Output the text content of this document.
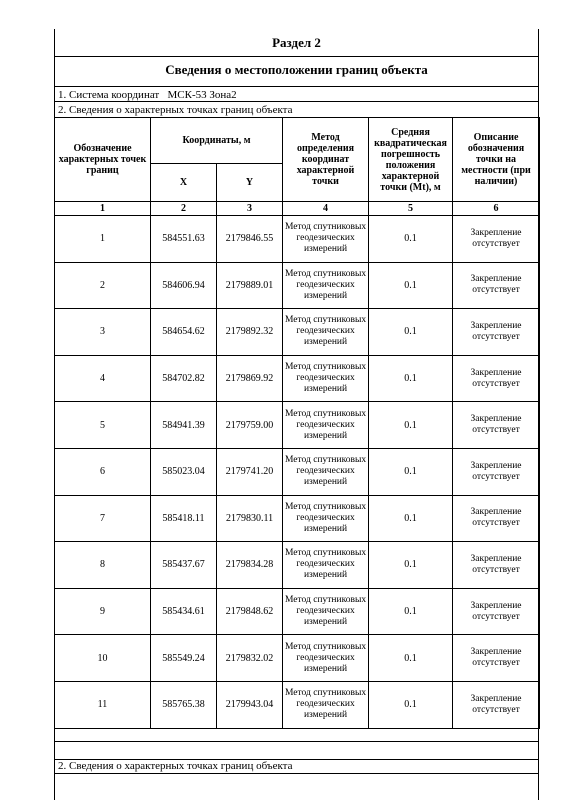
Раздел 2
Сведения о местоположении границ объекта
1. Система координат МСК-53 Зона2
2. Сведения о характерных точках границ объекта
Обозначение характерных точек границ	Координаты, м		Метод определения координат характерной точки	Средняя квадратическая погрешность положения характерной точки (Mt), м	Описание обозначения точки на местности (при наличии)
	X	Y			
1	2	3	4	5	6
1	584551.63	2179846.55	Метод спутниковых геодезических измерений	0.1	Закрепление отсутствует
2	584606.94	2179889.01	Метод спутниковых геодезических измерений	0.1	Закрепление отсутствует
3	584654.62	2179892.32	Метод спутниковых геодезических измерений	0.1	Закрепление отсутствует
4	584702.82	2179869.92	Метод спутниковых геодезических измерений	0.1	Закрепление отсутствует
5	584941.39	2179759.00	Метод спутниковых геодезических измерений	0.1	Закрепление отсутствует
6	585023.04	2179741.20	Метод спутниковых геодезических измерений	0.1	Закрепление отсутствует
7	585418.11	2179830.11	Метод спутниковых геодезических измерений	0.1	Закрепление отсутствует
8	585437.67	2179834.28	Метод спутниковых геодезических измерений	0.1	Закрепление отсутствует
9	585434.61	2179848.62	Метод спутниковых геодезических измерений	0.1	Закрепление отсутствует
10	585549.24	2179832.02	Метод спутниковых геодезических измерений	0.1	Закрепление отсутствует
11	585765.38	2179943.04	Метод спутниковых геодезических измерений	0.1	Закрепление отсутствует
2. Сведения о характерных точках границ объекта
